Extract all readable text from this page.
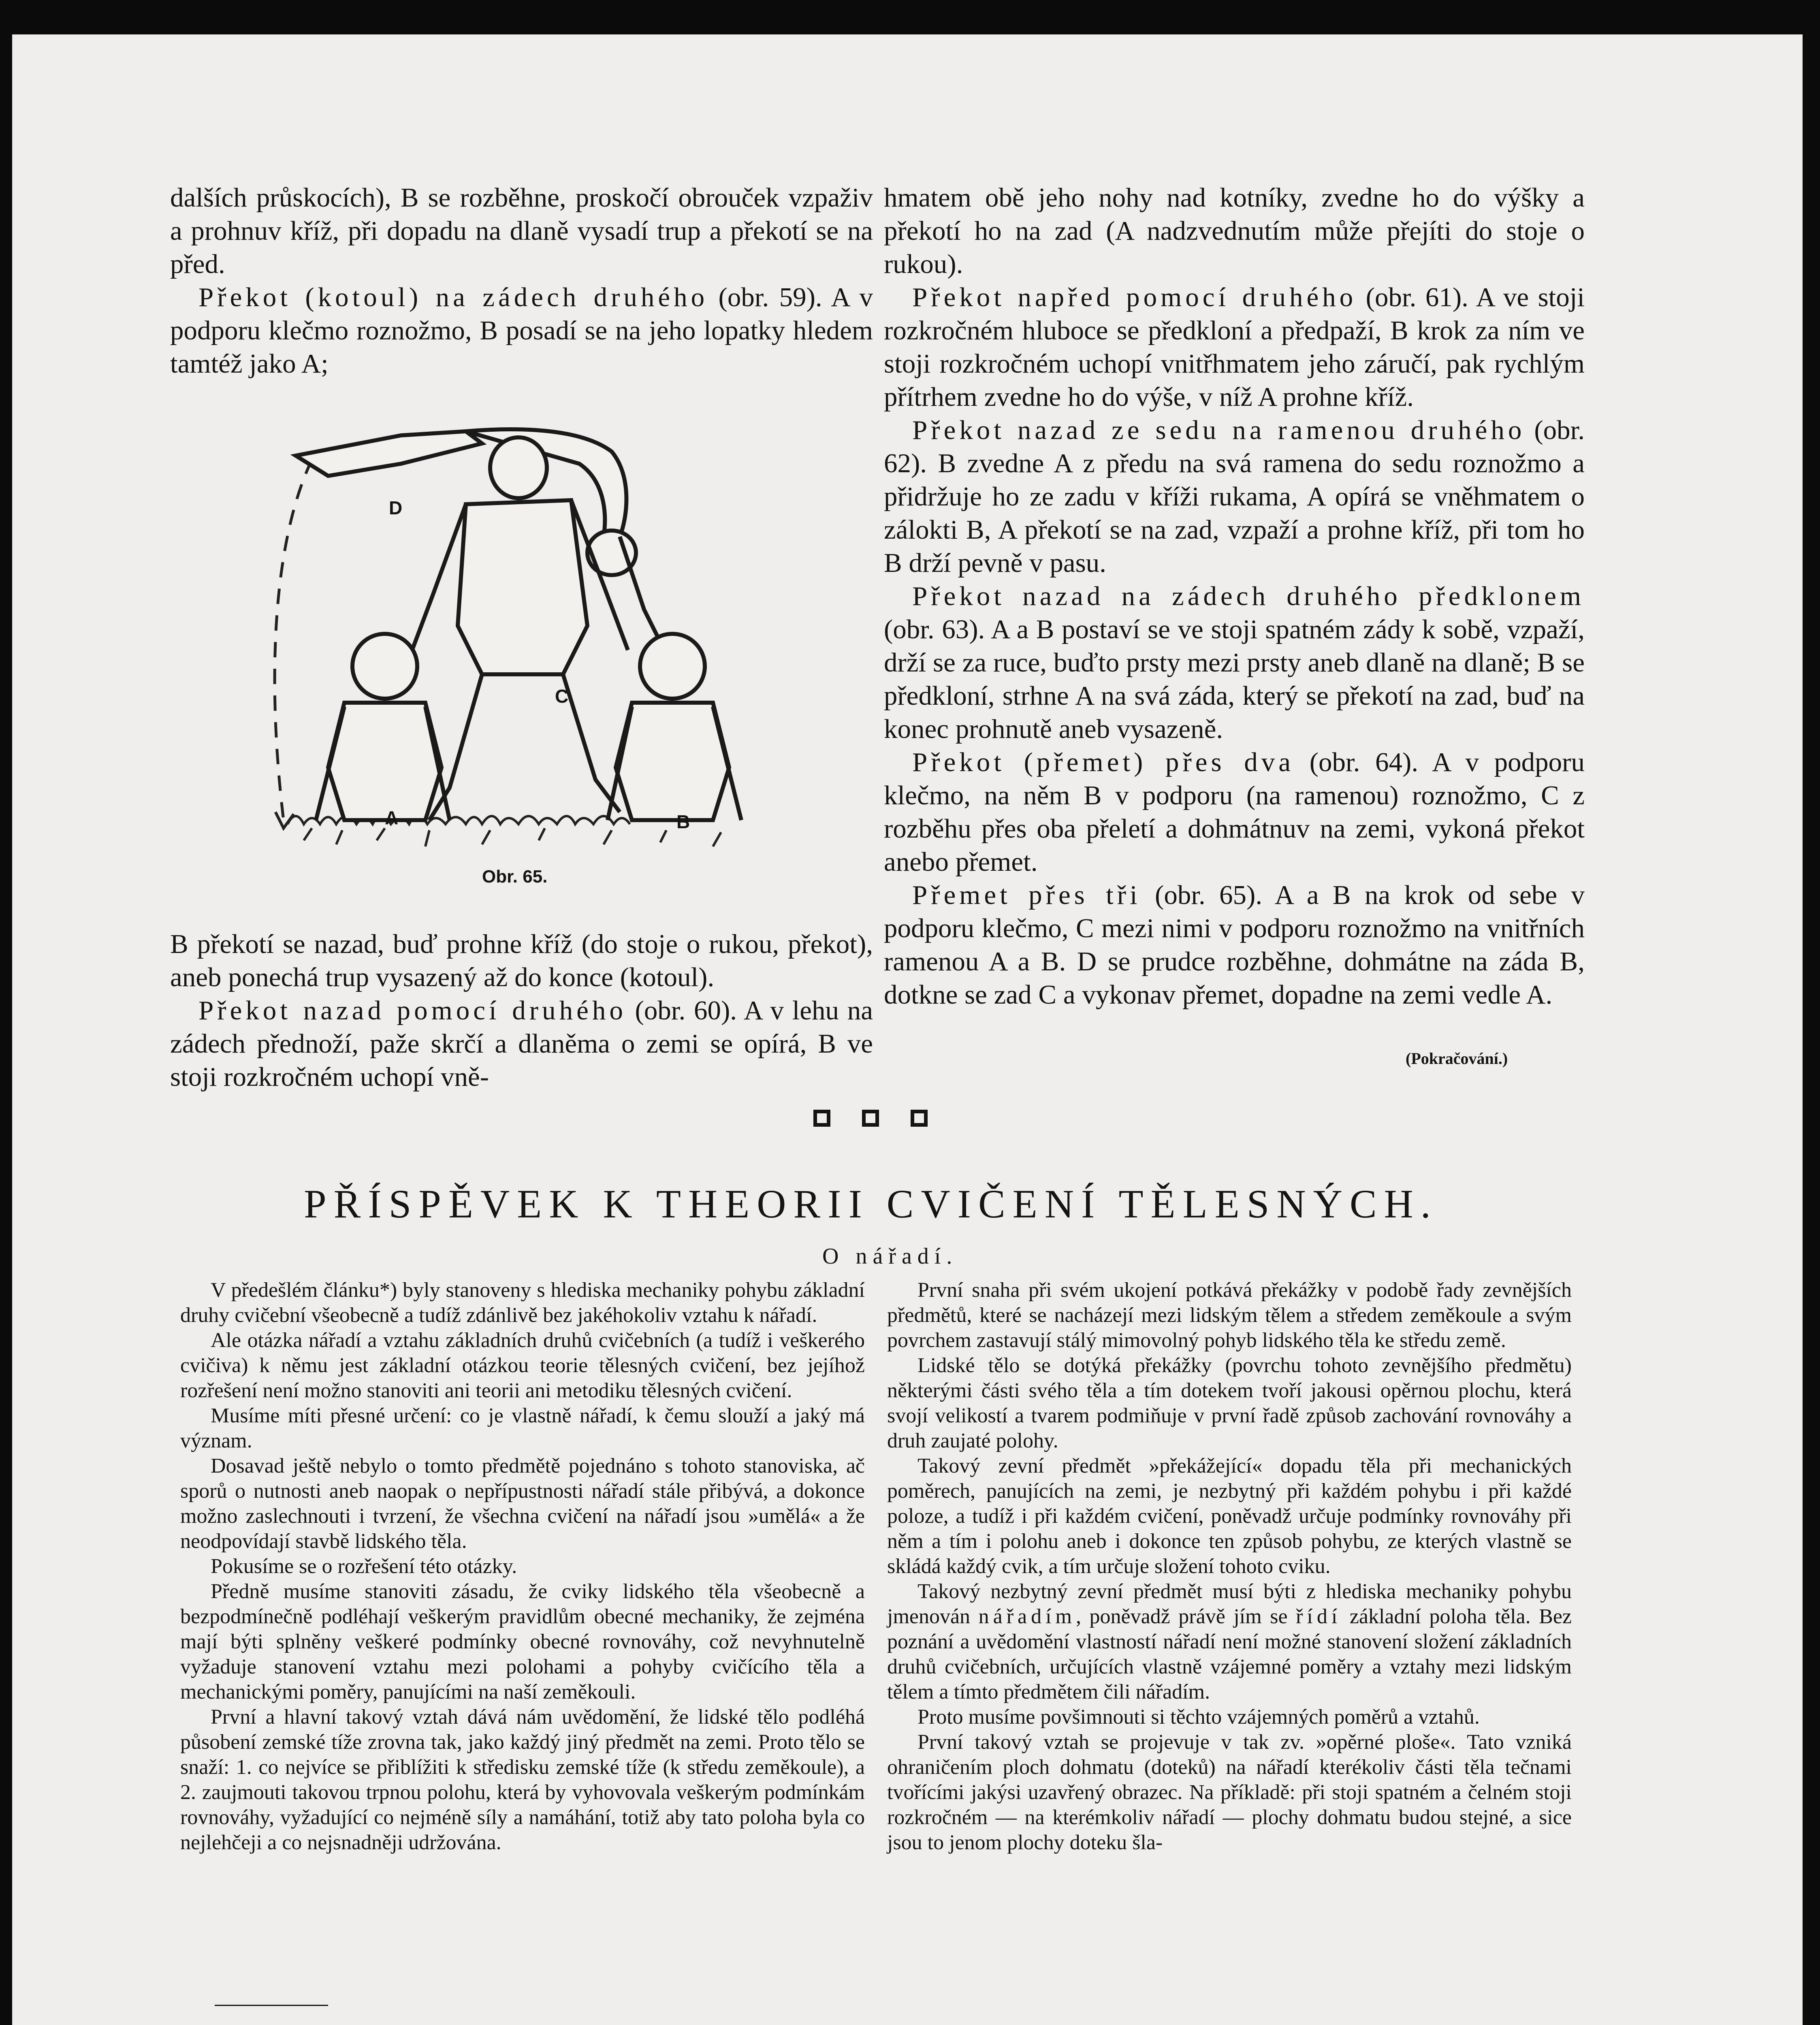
dalších průskocích), B se rozběhne, proskočí obrouček vzpaživ a prohnuv kříž, při dopadu na dlaně vysadí trup a překotí se na před.

Překot (kotoul) na zádech druhého (obr. 59). A v podporu klečmo roznožmo, B posadí se na jeho lopatky hledem tamtéž jako A;

A	B
C
D
Obr. 65.

B překotí se nazad, buď prohne kříž (do stoje o rukou, překot), aneb ponechá trup vysazený až do konce (kotoul).

Překot nazad pomocí druhého (obr. 60). A v lehu na zádech přednoží, paže skrčí a dlaněma o zemi se opírá, B ve stoji rozkročném uchopí vně-

hmatem obě jeho nohy nad kotníky, zvedne ho do výšky a překotí ho na zad (A nadzvednutím může přejíti do stoje o rukou).

Překot napřed pomocí druhého (obr. 61). A ve stoji rozkročném hluboce se předkloní a předpaží, B krok za ním ve stoji rozkročném uchopí vnitřhmatem jeho záručí, pak rychlým přítrhem zvedne ho do výše, v níž A prohne kříž.

Překot nazad ze sedu na ramenou druhého (obr. 62). B zvedne A z předu na svá ramena do sedu roznožmo a přidržuje ho ze zadu v kříži rukama, A opírá se vněhmatem o zálokti B, A překotí se na zad, vzpaží a prohne kříž, při tom ho B drží pevně v pasu.

Překot nazad na zádech druhého předklonem (obr. 63). A a B postaví se ve stoji spatném zády k sobě, vzpaží, drží se za ruce, buďto prsty mezi prsty aneb dlaně na dlaně; B se předkloní, strhne A na svá záda, který se překotí na zad, buď na konec prohnutě aneb vysazeně.

Překot (přemet) přes dva (obr. 64). A v podporu klečmo, na něm B v podporu (na ramenou) roznožmo, C z rozběhu přes oba přeletí a dohmátnuv na zemi, vykoná překot anebo přemet.

Přemet přes tři (obr. 65). A a B na krok od sebe v podporu klečmo, C mezi nimi v podporu roznožmo na vnitřních ramenou A a B. D se prudce rozběhne, dohmátne na záda B, dotkne se zad C a vykonav přemet, dopadne na zemi vedle A.

(Pokračování.)
PŘÍSPĚVEK K THEORII CVIČENÍ TĚLESNÝCH.
O nářadí.

V předešlém článku*) byly stanoveny s hlediska mechaniky pohybu základní druhy cvičební všeobecně a tudíž zdánlivě bez jakéhokoliv vztahu k nářadí.

Ale otázka nářadí a vztahu základních druhů cvičebních (a tudíž i veškerého cvičiva) k němu jest základní otázkou teorie tělesných cvičení, bez jejíhož rozřešení není možno stanoviti ani teorii ani metodiku tělesných cvičení.

Musíme míti přesné určení: co je vlastně nářadí, k čemu slouží a jaký má význam.

Dosavad ještě nebylo o tomto předmětě pojednáno s tohoto stanoviska, ač sporů o nutnosti aneb naopak o nepřípustnosti nářadí stále přibývá, a dokonce možno zaslechnouti i tvrzení, že všechna cvičení na nářadí jsou »umělá« a že neodpovídají stavbě lidského těla.

Pokusíme se o rozřešení této otázky.

Předně musíme stanoviti zásadu, že cviky lidského těla všeobecně a bezpodmínečně podléhají veškerým pravidlům obecné mechaniky, že zejména mají býti splněny veškeré podmínky obecné rovnováhy, což nevyhnutelně vyžaduje stanovení vztahu mezi polohami a pohyby cvičícího těla a mechanickými poměry, panujícími na naší zeměkouli.

První a hlavní takový vztah dává nám uvědomění, že lidské tělo podléhá působení zemské tíže zrovna tak, jako každý jiný předmět na zemi. Proto tělo se snaží: 1. co nejvíce se přiblížiti k středisku zemské tíže (k středu zeměkoule), a 2. zaujmouti takovou trpnou polohu, která by vyhovovala veškerým podmínkám rovnováhy, vyžadující co nejméně síly a namáhání, totiž aby tato poloha byla co nejlehčeji a co nejsnadněji udržována.

První snaha při svém ukojení potkává překážky v podobě řady zevnějších předmětů, které se nacházejí mezi lidským tělem a středem zeměkoule a svým povrchem zastavují stálý mimovolný pohyb lidského těla ke středu země.

Lidské tělo se dotýká překážky (povrchu tohoto zevnějšího předmětu) některými části svého těla a tím dotekem tvoří jakousi opěrnou plochu, která svojí velikostí a tvarem podmiňuje v první řadě způsob zachování rovnováhy a druh zaujaté polohy.

Takový zevní předmět »překážející« dopadu těla při mechanických poměrech, panujících na zemi, je nezbytný při každém pohybu i při každé poloze, a tudíž i při každém cvičení, poněvadž určuje podmínky rovnováhy při něm a tím i polohu aneb i dokonce ten způsob pohybu, ze kterých vlastně se skládá každý cvik, a tím určuje složení tohoto cviku.

Takový nezbytný zevní předmět musí býti z hlediska mechaniky pohybu jmenován nářadím, poněvadž právě jím se řídí základní poloha těla. Bez poznání a uvědomění vlastností nářadí není možné stanovení složení základních druhů cvičebních, určujících vlastně vzájemné poměry a vztahy mezi lidským tělem a tímto předmětem čili nářadím.

Proto musíme povšimnouti si těchto vzájemných poměrů a vztahů.

První takový vztah se projevuje v tak zv. »opěrné ploše«. Tato vzniká ohraničením ploch dohmatu (doteků) na nářadí kterékoliv části těla tečnami tvořícími jakýsi uzavřený obrazec. Na příkladě: při stoji spatném a čelném stoji rozkročném — na kterémkoliv nářadí — plochy dohmatu budou stejné, a sice jsou to jenom plochy doteku šla-
